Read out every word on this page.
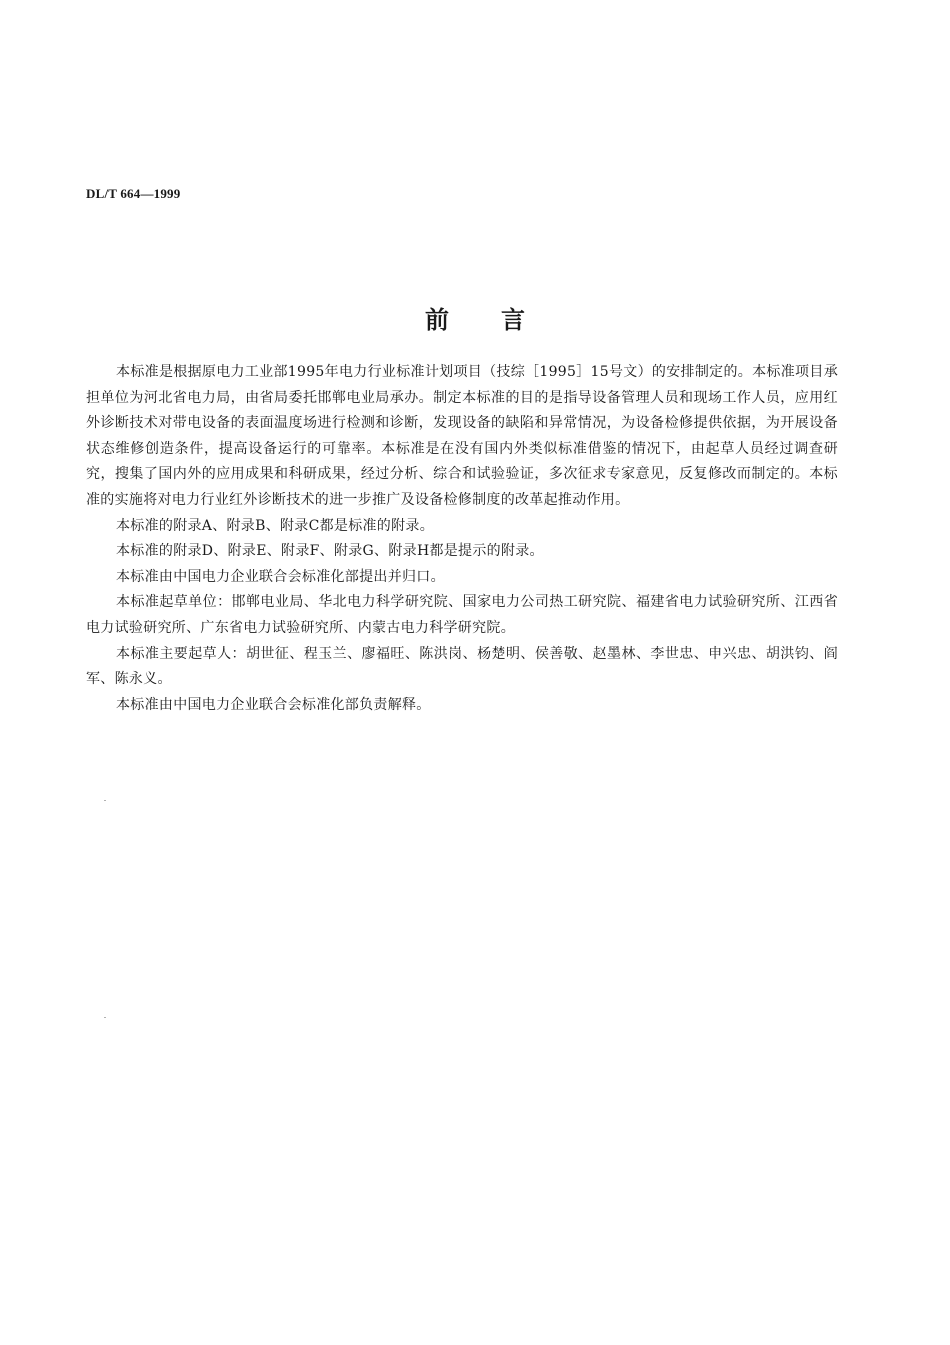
DL/T 664—1999
前言

本标准是根据原电力工业部1995年电力行业标准计划项目（技综［1995］15号文）的安排制定的。本标准项目承担单位为河北省电力局，由省局委托邯郸电业局承办。制定本标准的目的是指导设备管理人员和现场工作人员，应用红外诊断技术对带电设备的表面温度场进行检测和诊断，发现设备的缺陷和异常情况，为设备检修提供依据，为开展设备状态维修创造条件，提高设备运行的可靠率。本标准是在没有国内外类似标准借鉴的情况下，由起草人员经过调查研究，搜集了国内外的应用成果和科研成果，经过分析、综合和试验验证，多次征求专家意见，反复修改而制定的。本标准的实施将对电力行业红外诊断技术的进一步推广及设备检修制度的改革起推动作用。

本标准的附录A、附录B、附录C都是标准的附录。

本标准的附录D、附录E、附录F、附录G、附录H都是提示的附录。

本标准由中国电力企业联合会标准化部提出并归口。

本标准起草单位：邯郸电业局、华北电力科学研究院、国家电力公司热工研究院、福建省电力试验研究所、江西省电力试验研究所、广东省电力试验研究所、内蒙古电力科学研究院。

本标准主要起草人：胡世征、程玉兰、廖福旺、陈洪岗、杨楚明、侯善敬、赵墨林、李世忠、申兴忠、胡洪钧、阎军、陈永义。

本标准由中国电力企业联合会标准化部负责解释。
